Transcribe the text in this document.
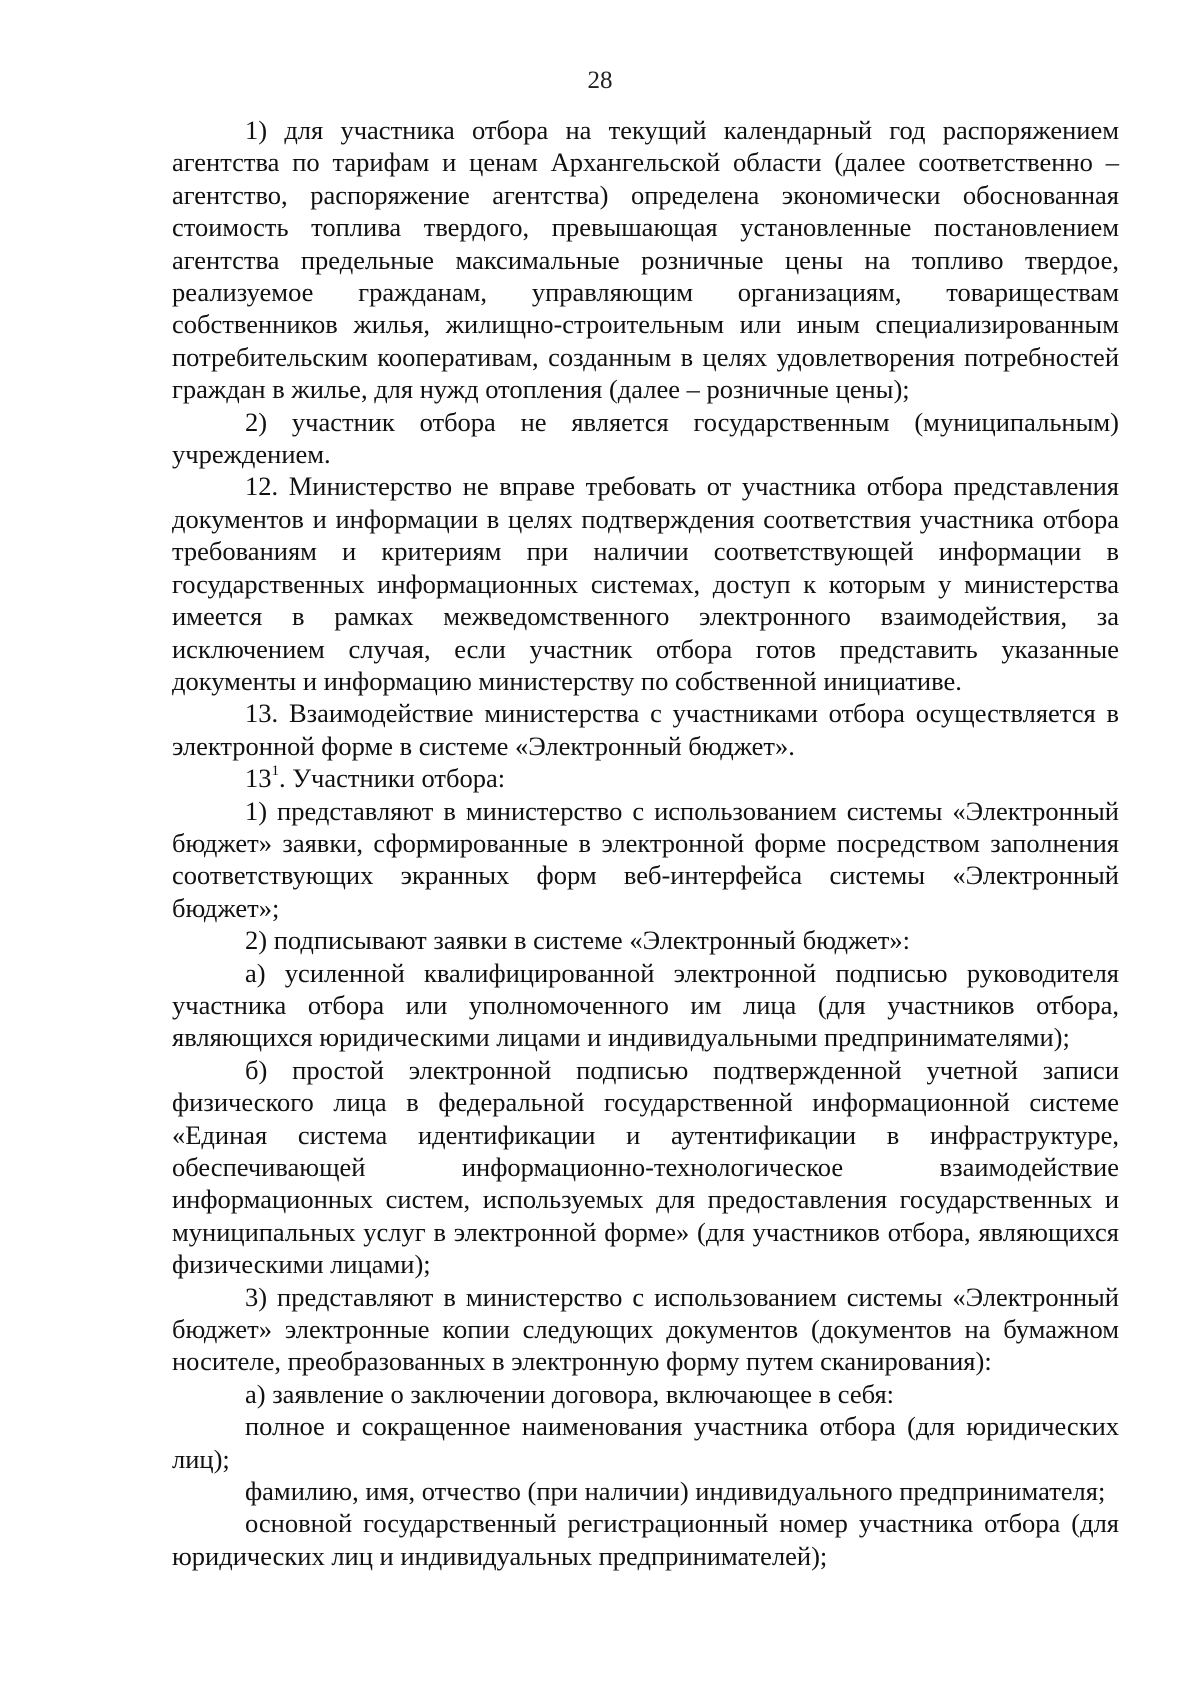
28

1) для участника отбора на текущий календарный год распоряжением агентства по тарифам и ценам Архангельской области (далее соответственно – агентство, распоряжение агентства) определена экономически обоснованная стоимость топлива твердого, превышающая установленные постановлением агентства предельные максимальные розничные цены на топливо твердое, реализуемое гражданам, управляющим организациям, товариществам собственников жилья, жилищно-строительным или иным специализированным потребительским кооперативам, созданным в целях удовлетворения потребностей граждан в жилье, для нужд отопления (далее – розничные цены);

2) участник отбора не является государственным (муниципальным) учреждением.

12. Министерство не вправе требовать от участника отбора представления документов и информации в целях подтверждения соответствия участника отбора требованиям и критериям при наличии соответствующей информации в государственных информационных системах, доступ к которым у министерства имеется в рамках межведомственного электронного взаимодействия, за исключением случая, если участник отбора готов представить указанные документы и информацию министерству по собственной инициативе.

13. Взаимодействие министерства с участниками отбора осуществляется в электронной форме в системе «Электронный бюджет».

$13^1$. Участники отбора:

1) представляют в министерство с использованием системы «Электронный бюджет» заявки, сформированные в электронной форме посредством заполнения соответствующих экранных форм веб-интерфейса системы «Электронный бюджет»;

2) подписывают заявки в системе «Электронный бюджет»:

а) усиленной квалифицированной электронной подписью руководителя участника отбора или уполномоченного им лица (для участников отбора, являющихся юридическими лицами и индивидуальными предпринимателями);

б) простой электронной подписью подтвержденной учетной записи физического лица в федеральной государственной информационной системе «Единая система идентификации и аутентификации в инфраструктуре, обеспечивающей информационно-технологическое взаимодействие информационных систем, используемых для предоставления государственных и муниципальных услуг в электронной форме» (для участников отбора, являющихся физическими лицами);

3) представляют в министерство с использованием системы «Электронный бюджет» электронные копии следующих документов (документов на бумажном носителе, преобразованных в электронную форму путем сканирования):

а) заявление о заключении договора, включающее в себя:

полное и сокращенное наименования участника отбора (для юридических лиц);

фамилию, имя, отчество (при наличии) индивидуального предпринимателя;

основной государственный регистрационный номер участника отбора (для юридических лиц и индивидуальных предпринимателей);
